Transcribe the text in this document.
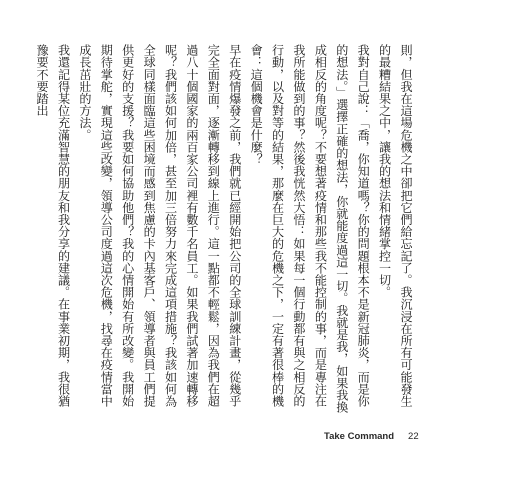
則，但我在這場危機之中卻把它們給忘記了。我沉浸在所有可能發生的最糟結果之中，讓我的想法和情緒掌控一切。

我對自己說：「喬，你知道嗎？你的問題根本不是新冠肺炎，而是你的想法。」選擇正確的想法，你就能度過這一切。我就是我，如果我換成相反的角度呢？不要想著疫情和那些我不能控制的事，而是專注在我所能做到的事？然後我恍然大悟：如果每一個行動都有與之相反的行動，以及對等的結果，那麼在巨大的危機之下，一定有著很棒的機會：這個機會是什麼？

早在疫情爆發之前，我們就已經開始把公司的全球訓練計畫，從幾乎完全面對面，逐漸轉移到線上進行。這一點都不輕鬆，因為我們在超過八十個國家的兩百家公司裡有數千名員工。如果我們試著加速轉移呢？我們該如何加倍，甚至加三倍努力來完成這項措施？我該如何為全球同樣面臨這些困境而感到焦慮的卡內基客戶、領導者與員工們提供更好的支援？我要如何協助他們？我的心情開始有所改變。我開始期待掌舵，實現這些改變，領導公司度過這次危機，找尋在疫情當中成長茁壯的方法。

我還記得某位充滿智慧的朋友和我分享的建議。在事業初期，我很猶豫要不要踏出

Take Command 22
